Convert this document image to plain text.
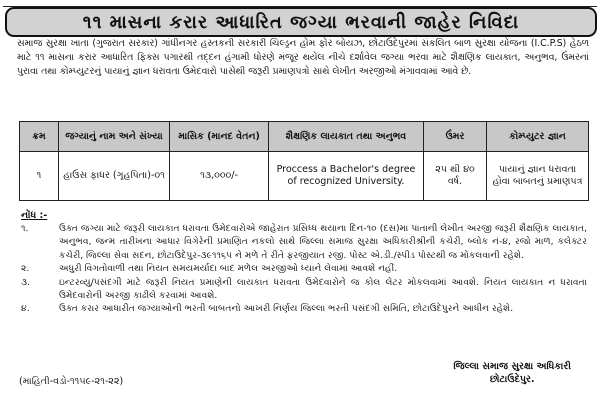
૧૧ માસના કરાર આધારિત જગ્યા ભરવાની જાહેર નિવિદા
સમાજ સુરક્ષા ખાતા (ગુજરાત સરકાર) ગાંધીનગર હસ્તકની સરકારી ચિલ્ડ્રન હોમ ફોર બોયઝ, છોટાઉદેપુરમાં સંકલિત બાળ સુરક્ષા યોજના (I.C.P.S) હેઠળ માટે ૧૧ માસના કરાર આધારિત ફિક્સ પગારથી તદ્દન હંગામી ધોરણે મંજૂર થયેલ નીચે દર્શાવેલ જગ્યા ભરવા માટે શૈક્ષણિક લાયકાત, અનુભવ, ઉંમરનાં પુરાવા તથા કોમ્પ્યુટરનું પાયાનું જ્ઞાન ધરાવતા ઉમેદવારો પાસેથી જરૂરી પ્રમાણપત્રો સાથે લેખીત અરજીઓ મંગાવવામાં આવે છે.
ક્રમ	જગ્યાનું નામ અને સંખ્યા	માસિક (માનદ વેતન)	શૈક્ષણિક લાયકાત તથા અનુભવ	ઉંમર	કોમ્પ્યુટર જ્ઞાન
૧	હાઉસ ફાધર (ગૃહપિતા)-૦૧	૧૩,૦૦૦/-	Proccess a Bachelor's degree of recognized University.	૨૫ થી ૪૦ વર્ષ.	પાયાનું જ્ઞાન ધરાવતા હોવા બાબતનું પ્રમાણપત્ર
નોંધ :-
૧.	ઉક્ત જગ્યા માટે જરૂરી લાયકાત ધરાવતા ઉમેદવારોએ જાહેરાત પ્રસિધ્ધ થયાના દિન-૧૦ (દસ)મા પાતાની લેખીત અરજી જરૂરી શૈક્ષણિક લાયકાત, અનુભવ, જન્મ તારીખના આધાર વિગેરેની પ્રમાણિત નકલો સાથે જિલ્લા સમાજ સુરક્ષા અધિકારીશ્રીની કચેરી, બ્લોક નં-૪, રજો માળ, કલેક્ટર કચેરી, જિલ્લા સેવા સદન, છોટાઉદેપુર-૩૯૧૧૬૫ ને મળે તે રીતે ફરજીયાત રજી. પોસ્ટ એ.ડી./સ્પીડ પોસ્ટથી જ મોકલવાની રહેશે.
૨.	અધુરી વિગતોવાળી તથા નિયત સમયમર્યાદા બાદ મળેલ અરજીઓ ધ્યાને લેવામાં આવશે નહીં.
૩.	ઇન્ટરવ્યુ/પસંદગી માટે જરૂરી નિયત પ્રમાણેની લાયકાત ધરાવતા ઉમેદવારોને જ કોલ લેટર મોકલવામાં આવશે. નિયત લાયકાત ન ધરાવતા ઉમેદવારોની અરજી કાઢીલે કરવામાં આવશે.
૪.	ઉક્ત કરાર આધારીત જગ્યાઓની ભરતી બાબતનો આખરી નિર્ણય જિલ્લા ભરતી પસંદગી સમિતિ, છોટાઉદેપુરને આધીન રહેશે.
જિલ્લા સમાજ સુરક્ષા અધિકારી
છોટાઉદેપુર.
(માહિતી-વડો-૧૧૫૯-૨૧-૨૨)
